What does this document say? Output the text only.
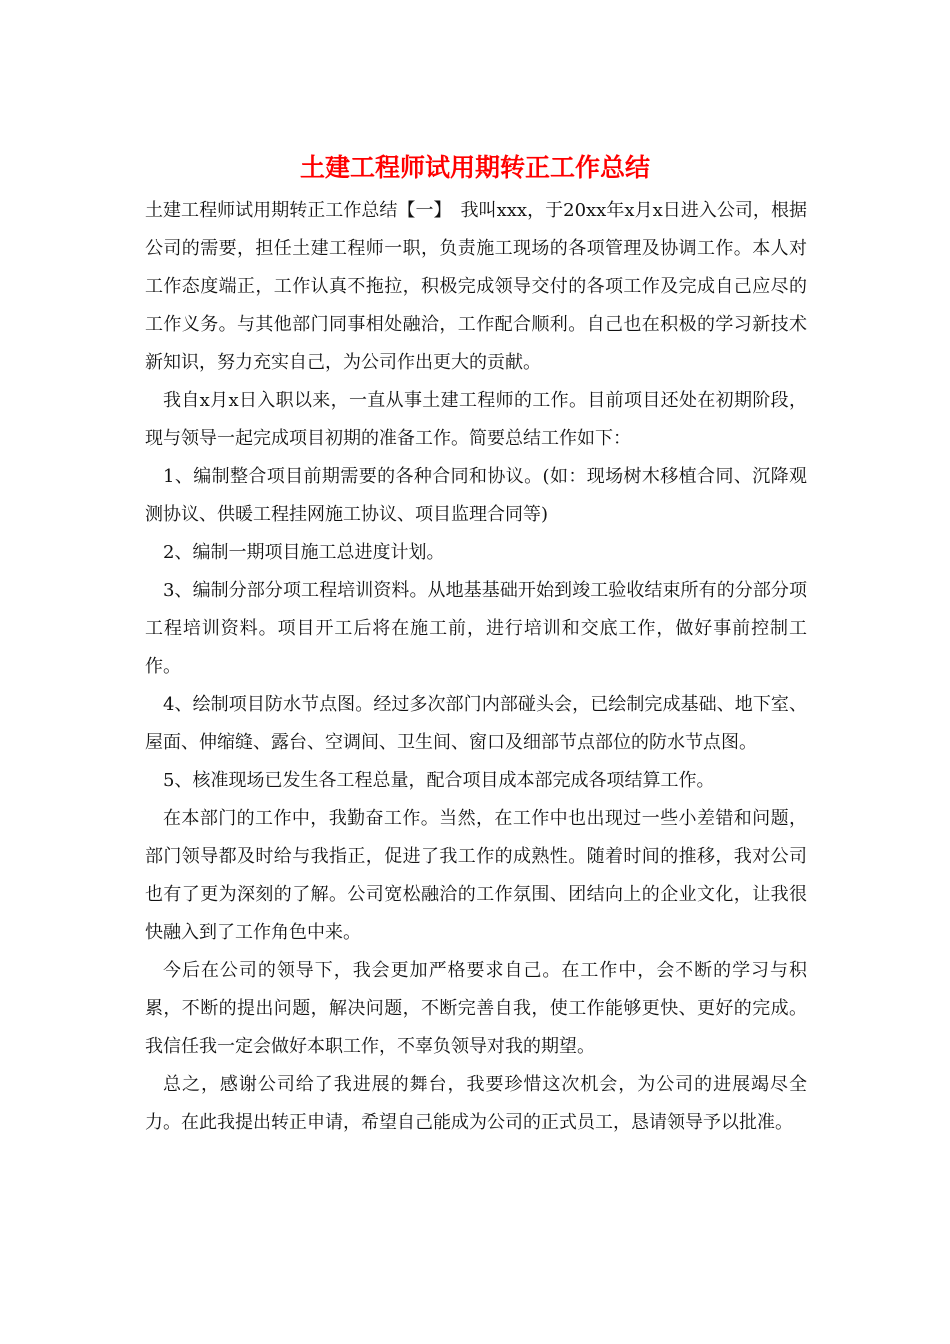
土建工程师试用期转正工作总结

土建工程师试用期转正工作总结【一】　我叫xxx，于20xx年x月x日进入公司，根据公司的需要，担任土建工程师一职，负责施工现场的各项管理及协调工作。本人对工作态度端正，工作认真不拖拉，积极完成领导交付的各项工作及完成自己应尽的工作义务。与其他部门同事相处融洽，工作配合顺利。自己也在积极的学习新技术新知识，努力充实自己，为公司作出更大的贡献。

我自x月x日入职以来，一直从事土建工程师的工作。目前项目还处在初期阶段，现与领导一起完成项目初期的准备工作。简要总结工作如下：

1、编制整合项目前期需要的各种合同和协议。(如：现场树木移植合同、沉降观测协议、供暖工程挂网施工协议、项目监理合同等)

2、编制一期项目施工总进度计划。

3、编制分部分项工程培训资料。从地基基础开始到竣工验收结束所有的分部分项工程培训资料。项目开工后将在施工前，进行培训和交底工作，做好事前控制工作。

4、绘制项目防水节点图。经过多次部门内部碰头会，已绘制完成基础、地下室、屋面、伸缩缝、露台、空调间、卫生间、窗口及细部节点部位的防水节点图。

5、核准现场已发生各工程总量，配合项目成本部完成各项结算工作。

在本部门的工作中，我勤奋工作。当然，在工作中也出现过一些小差错和问题，部门领导都及时给与我指正，促进了我工作的成熟性。随着时间的推移，我对公司也有了更为深刻的了解。公司宽松融洽的工作氛围、团结向上的企业文化，让我很快融入到了工作角色中来。

今后在公司的领导下，我会更加严格要求自己。在工作中，会不断的学习与积累，不断的提出问题，解决问题，不断完善自我，使工作能够更快、更好的完成。我信任我一定会做好本职工作，不辜负领导对我的期望。

总之，感谢公司给了我进展的舞台，我要珍惜这次机会，为公司的进展竭尽全力。在此我提出转正申请，希望自己能成为公司的正式员工，恳请领导予以批准。
